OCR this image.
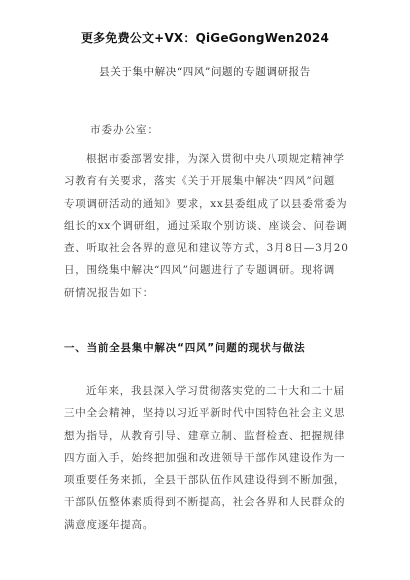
更多免费公文+VX：QiGeGongWen2024
县关于集中解决“四风”问题的专题调研报告
市委办公室：
根据市委部署安排，为深入贯彻中央八项规定精神学
习教育有关要求，落实《关于开展集中解决“四风”问题
专项调研活动的通知》要求，xx县委组成了以县委常委为
组长的xx个调研组，通过采取个别访谈、座谈会、问卷调
查、听取社会各界的意见和建议等方式，3月8日—3月20
日，围绕集中解决“四风”问题进行了专题调研。现将调
研情况报告如下：
一、当前全县集中解决“四风”问题的现状与做法
近年来，我县深入学习贯彻落实党的二十大和二十届
三中全会精神，坚持以习近平新时代中国特色社会主义思
想为指导，从教育引导、建章立制、监督检查、把握规律
四方面入手，始终把加强和改进领导干部作风建设作为一
项重要任务来抓，全县干部队伍作风建设得到不断加强，
干部队伍整体素质得到不断提高，社会各界和人民群众的
满意度逐年提高。
